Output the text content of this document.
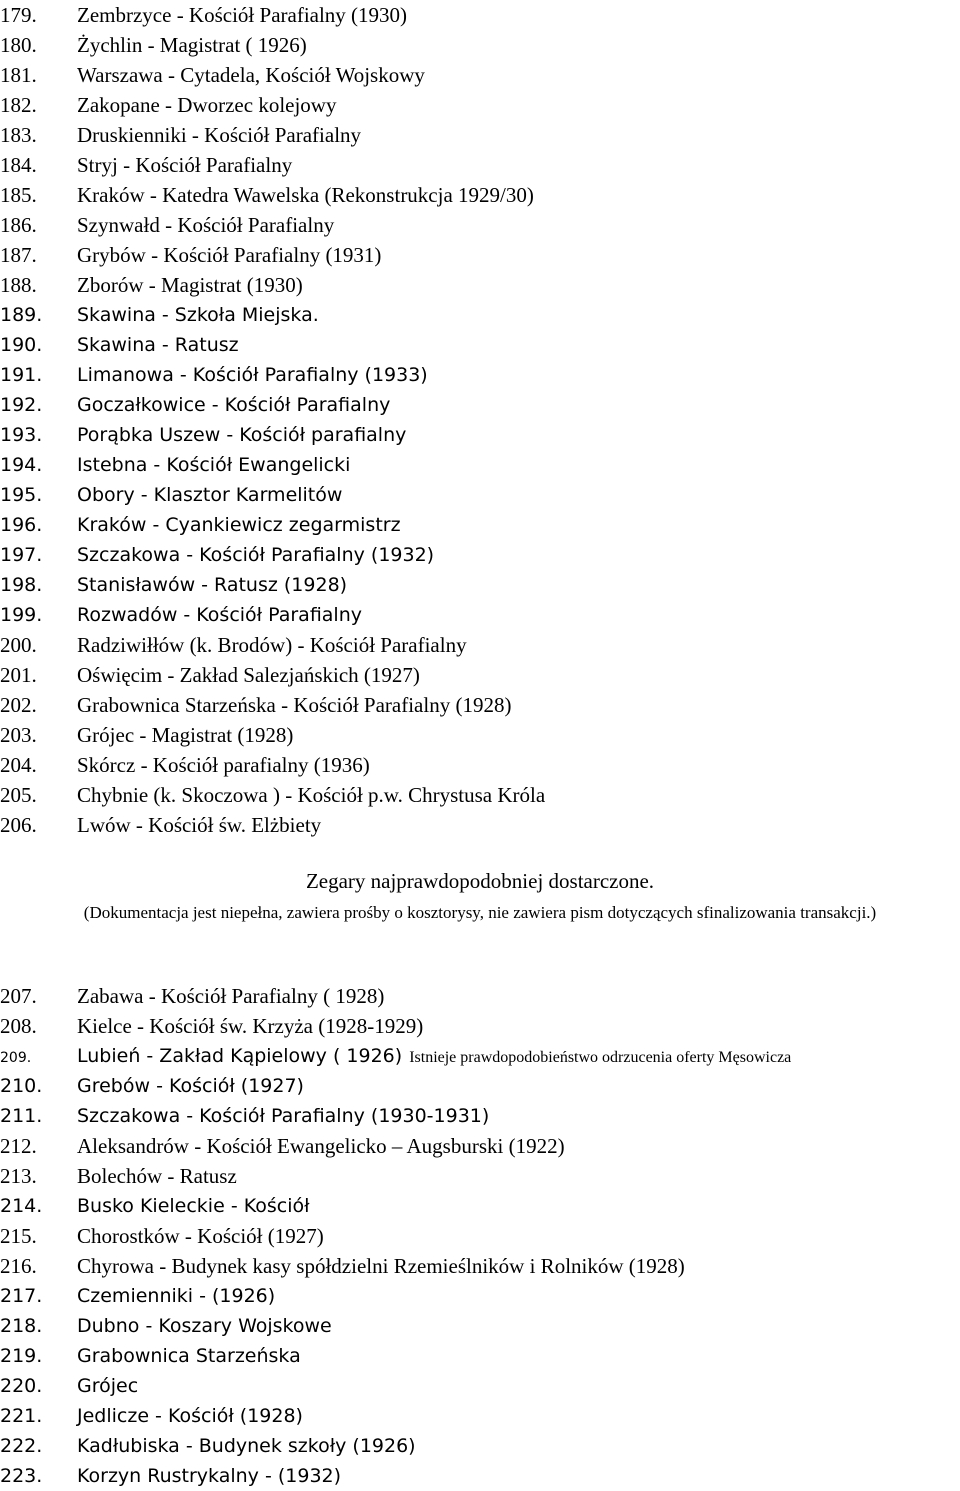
179.	Zembrzyce - Kościół Parafialny (1930)
180.	Żychlin - Magistrat ( 1926)
181.	Warszawa - Cytadela, Kościół Wojskowy
182.	Zakopane - Dworzec kolejowy
183.	Druskienniki - Kościół Parafialny
184.	Stryj - Kościół Parafialny
185.	Kraków - Katedra Wawelska (Rekonstrukcja 1929/30)
186.	Szynwałd - Kościół Parafialny
187.	Grybów - Kościół Parafialny (1931)
188.	Zborów - Magistrat (1930)
189.	Skawina - Szkoła Miejska.
190.	Skawina - Ratusz
191.	Limanowa - Kościół Parafialny (1933)
192.	Goczałkowice - Kościół Parafialny
193.	Porąbka Uszew - Kościół parafialny
194.	Istebna - Kościół Ewangelicki
195.	Obory - Klasztor Karmelitów
196.	Kraków - Cyankiewicz zegarmistrz
197.	Szczakowa - Kościół Parafialny (1932)
198.	Stanisławów - Ratusz (1928)
199.	Rozwadów - Kościół Parafialny
200.	Radziwiłłów (k. Brodów) - Kościół Parafialny
201.	Oświęcim - Zakład Salezjańskich (1927)
202.	Grabownica Starzeńska - Kościół Parafialny (1928)
203.	Grójec - Magistrat (1928)
204.	Skórcz - Kościół parafialny (1936)
205.	Chybnie (k. Skoczowa ) - Kościół p.w. Chrystusa Króla
206.	Lwów - Kościół św. Elżbiety
Zegary najprawdopodobniej dostarczone.
(Dokumentacja jest niepełna, zawiera prośby o kosztorysy, nie zawiera pism dotyczących sfinalizowania transakcji.)
207.	Zabawa - Kościół Parafialny ( 1928)
208.	Kielce - Kościół św. Krzyża (1928-1929)
209.	Lubień - Zakład Kąpielowy ( 1926) Istnieje prawdopodobieństwo odrzucenia oferty Męsowicza
210.	Grebów - Kościół (1927)
211.	Szczakowa - Kościół Parafialny (1930-1931)
212.	Aleksandrów - Kościół Ewangelicko – Augsburski (1922)
213.	Bolechów - Ratusz
214.	Busko Kieleckie - Kościół
215.	Chorostków - Kościół (1927)
216.	Chyrowa - Budynek kasy spółdzielni Rzemieślników i Rolników (1928)
217.	Czemienniki - (1926)
218.	Dubno - Koszary Wojskowe
219.	Grabownica Starzeńska
220.	Grójec
221.	Jedlicze - Kościół (1928)
222.	Kadłubiska - Budynek szkoły (1926)
223.	Korzyn Rustrykalny - (1932)
